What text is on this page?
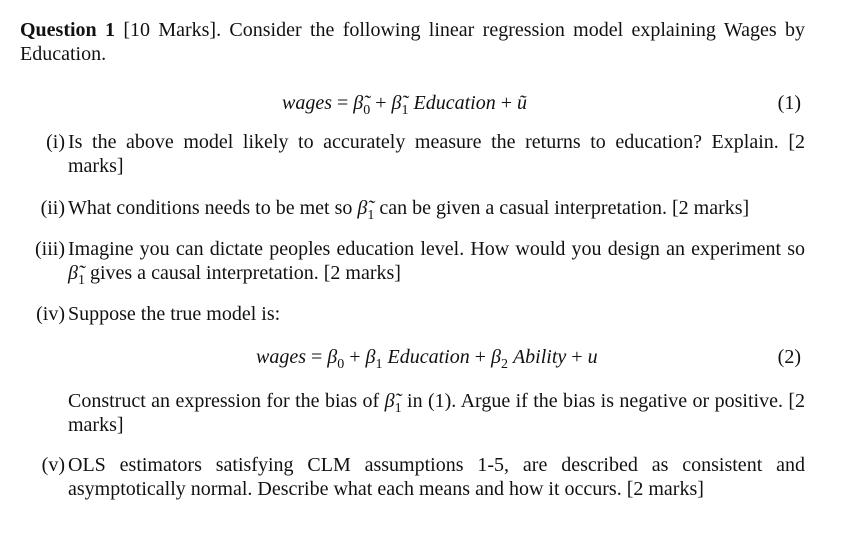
Question 1 [10 Marks]. Consider the following linear regression model explaining Wages by Education.
wages = $\betã_0$ + $\betã_1$ Education + ũ	(1)
(i) Is the above model likely to accurately measure the returns to education? Explain. [2 marks]
(ii) What conditions needs to be met so $\betã_1$ can be given a casual interpretation. [2 marks]
(iii) Imagine you can dictate peoples education level. How would you design an experiment so $\betã_1$ gives a causal interpretation. [2 marks]
(iv) Suppose the true model is:
wages = $\beta_0 + \beta_1$ Education + $\beta_2$ Ability + u	(2)
Construct an expression for the bias of $\betã_1$ in (1). Argue if the bias is negative or positive. [2 marks]
(v) OLS estimators satisfying CLM assumptions 1-5, are described as consistent and asymptotically normal. Describe what each means and how it occurs. [2 marks]
